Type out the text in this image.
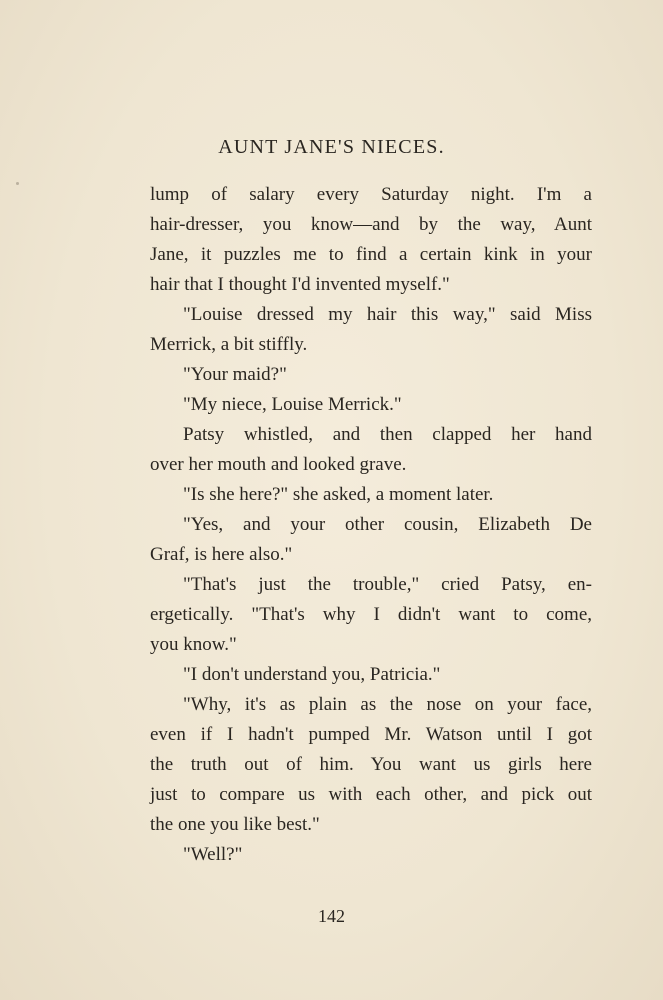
AUNT JANE'S NIECES.
lump of salary every Saturday night. I'm a
hair-dresser, you know—and by the way, Aunt
Jane, it puzzles me to find a certain kink in your
hair that I thought I'd invented myself."
"Louise dressed my hair this way," said Miss
Merrick, a bit stiffly.
"Your maid?"
"My niece, Louise Merrick."
Patsy whistled, and then clapped her hand
over her mouth and looked grave.
"Is she here?" she asked, a moment later.
"Yes, and your other cousin, Elizabeth De
Graf, is here also."
"That's just the trouble," cried Patsy, en-
ergetically. "That's why I didn't want to come,
you know."
"I don't understand you, Patricia."
"Why, it's as plain as the nose on your face,
even if I hadn't pumped Mr. Watson until I got
the truth out of him. You want us girls here
just to compare us with each other, and pick out
the one you like best."
"Well?"
142
